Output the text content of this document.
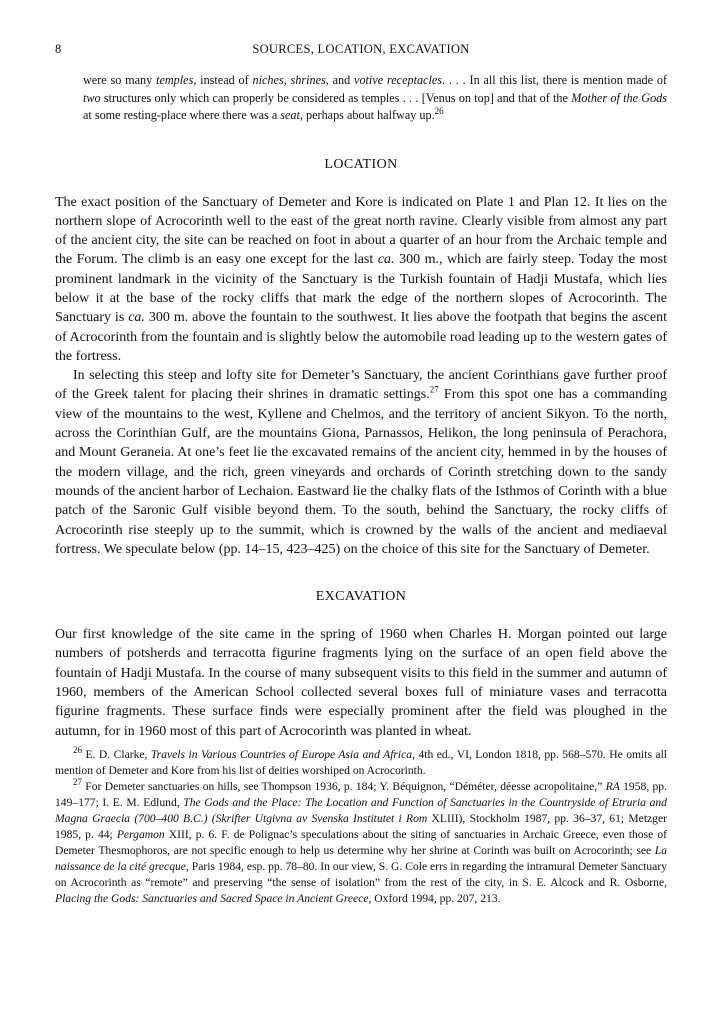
8	SOURCES, LOCATION, EXCAVATION

were so many temples, instead of niches, shrines, and votive receptacles. . . . In all this list, there is mention made of two structures only which can properly be considered as temples . . . [Venus on top] and that of the Mother of the Gods at some resting-place where there was a seat, perhaps about halfway up.$^{26}$

LOCATION

The exact position of the Sanctuary of Demeter and Kore is indicated on Plate 1 and Plan 12. It lies on the northern slope of Acrocorinth well to the east of the great north ravine. Clearly visible from almost any part of the ancient city, the site can be reached on foot in about a quarter of an hour from the Archaic temple and the Forum. The climb is an easy one except for the last ca. 300 m., which are fairly steep. Today the most prominent landmark in the vicinity of the Sanctuary is the Turkish fountain of Hadji Mustafa, which lies below it at the base of the rocky cliffs that mark the edge of the northern slopes of Acrocorinth. The Sanctuary is ca. 300 m. above the fountain to the southwest. It lies above the footpath that begins the ascent of Acrocorinth from the fountain and is slightly below the automobile road leading up to the western gates of the fortress.

In selecting this steep and lofty site for Demeter’s Sanctuary, the ancient Corinthians gave further proof of the Greek talent for placing their shrines in dramatic settings.$^{27}$ From this spot one has a commanding view of the mountains to the west, Kyllene and Chelmos, and the territory of ancient Sikyon. To the north, across the Corinthian Gulf, are the mountains Giona, Parnassos, Helikon, the long peninsula of Perachora, and Mount Geraneia. At one’s feet lie the excavated remains of the ancient city, hemmed in by the houses of the modern village, and the rich, green vineyards and orchards of Corinth stretching down to the sandy mounds of the ancient harbor of Lechaion. Eastward lie the chalky flats of the Isthmos of Corinth with a blue patch of the Saronic Gulf visible beyond them. To the south, behind the Sanctuary, the rocky cliffs of Acrocorinth rise steeply up to the summit, which is crowned by the walls of the ancient and mediaeval fortress. We speculate below (pp. 14–15, 423–425) on the choice of this site for the Sanctuary of Demeter.

EXCAVATION

Our first knowledge of the site came in the spring of 1960 when Charles H. Morgan pointed out large numbers of potsherds and terracotta figurine fragments lying on the surface of an open field above the fountain of Hadji Mustafa. In the course of many subsequent visits to this field in the summer and autumn of 1960, members of the American School collected several boxes full of miniature vases and terracotta figurine fragments. These surface finds were especially prominent after the field was ploughed in the autumn, for in 1960 most of this part of Acrocorinth was planted in wheat.

$^{26}$ E. D. Clarke, Travels in Various Countries of Europe Asia and Africa, 4th ed., VI, London 1818, pp. 568–570. He omits all mention of Demeter and Kore from his list of deities worshiped on Acrocorinth.

$^{27}$ For Demeter sanctuaries on hills, see Thompson 1936, p. 184; Y. Béquignon, “Déméter, déesse acropolitaine,” RA 1958, pp. 149–177; I. E. M. Edlund, The Gods and the Place: The Location and Function of Sanctuaries in the Countryside of Etruria and Magna Graecia (700–400 B.C.) (Skrifter Utgivna av Svenska Institutet i Rom XLIII), Stockholm 1987, pp. 36–37, 61; Metzger 1985, p. 44; Pergamon XIII, p. 6. F. de Polignac’s speculations about the siting of sanctuaries in Archaic Greece, even those of Demeter Thesmophoros, are not specific enough to help us determine why her shrine at Corinth was built on Acrocorinth; see La naissance de la cité grecque, Paris 1984, esp. pp. 78–80. In our view, S. G. Cole errs in regarding the intramural Demeter Sanctuary on Acrocorinth as “remote” and preserving “the sense of isolation” from the rest of the city, in S. E. Alcock and R. Osborne, Placing the Gods: Sanctuaries and Sacred Space in Ancient Greece, Oxford 1994, pp. 207, 213.
